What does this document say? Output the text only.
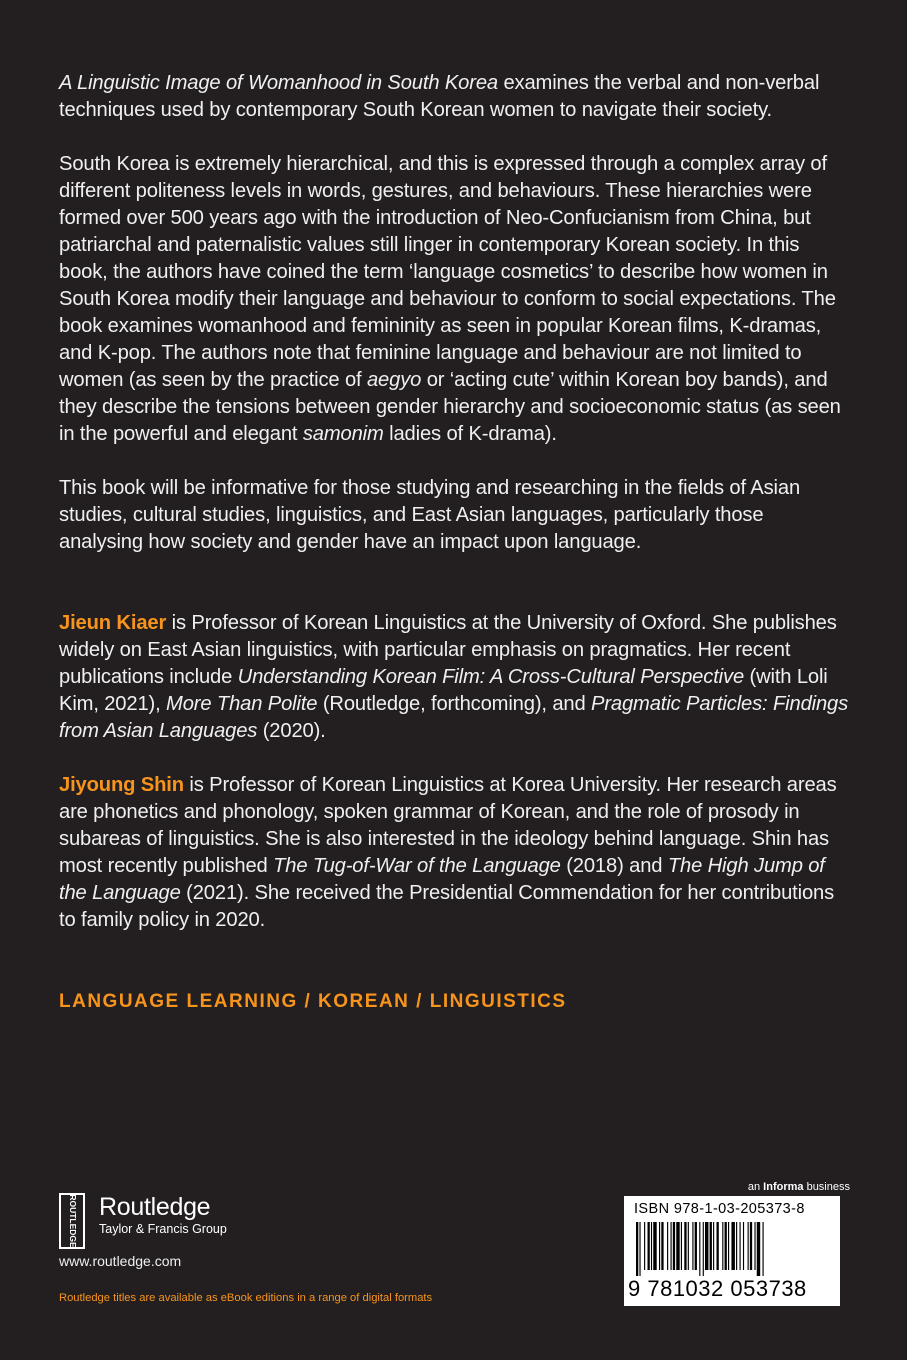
A Linguistic Image of Womanhood in South Korea examines the verbal and non-verbal techniques used by contemporary South Korean women to navigate their society.

South Korea is extremely hierarchical, and this is expressed through a complex array of different politeness levels in words, gestures, and behaviours. These hierarchies were formed over 500 years ago with the introduction of Neo-Confucianism from China, but patriarchal and paternalistic values still linger in contemporary Korean society. In this book, the authors have coined the term ‘language cosmetics’ to describe how women in South Korea modify their language and behaviour to conform to social expectations. The book examines womanhood and femininity as seen in popular Korean films, K-dramas, and K-pop. The authors note that feminine language and behaviour are not limited to women (as seen by the practice of aegyo or ‘acting cute’ within Korean boy bands), and they describe the tensions between gender hierarchy and socioeconomic status (as seen in the powerful and elegant samonim ladies of K-drama).

This book will be informative for those studying and researching in the fields of Asian studies, cultural studies, linguistics, and East Asian languages, particularly those analysing how society and gender have an impact upon language.

Jieun Kiaer is Professor of Korean Linguistics at the University of Oxford. She publishes widely on East Asian linguistics, with particular emphasis on pragmatics. Her recent publications include Understanding Korean Film: A Cross-Cultural Perspective (with Loli Kim, 2021), More Than Polite (Routledge, forthcoming), and Pragmatic Particles: Findings from Asian Languages (2020).

Jiyoung Shin is Professor of Korean Linguistics at Korea University. Her research areas are phonetics and phonology, spoken grammar of Korean, and the role of prosody in subareas of linguistics. She is also interested in the ideology behind language. Shin has most recently published The Tug-of-War of the Language (2018) and The High Jump of the Language (2021). She received the Presidential Commendation for her contributions to family policy in 2020.

LANGUAGE LEARNING / KOREAN / LINGUISTICS
ROUTLEDGE Routledge
Taylor & Francis Group
www.routledge.com
Routledge titles are available as eBook editions in a range of digital formats
an Informa business
ISBN 978-1-03-205373-8
9 781032 053738
